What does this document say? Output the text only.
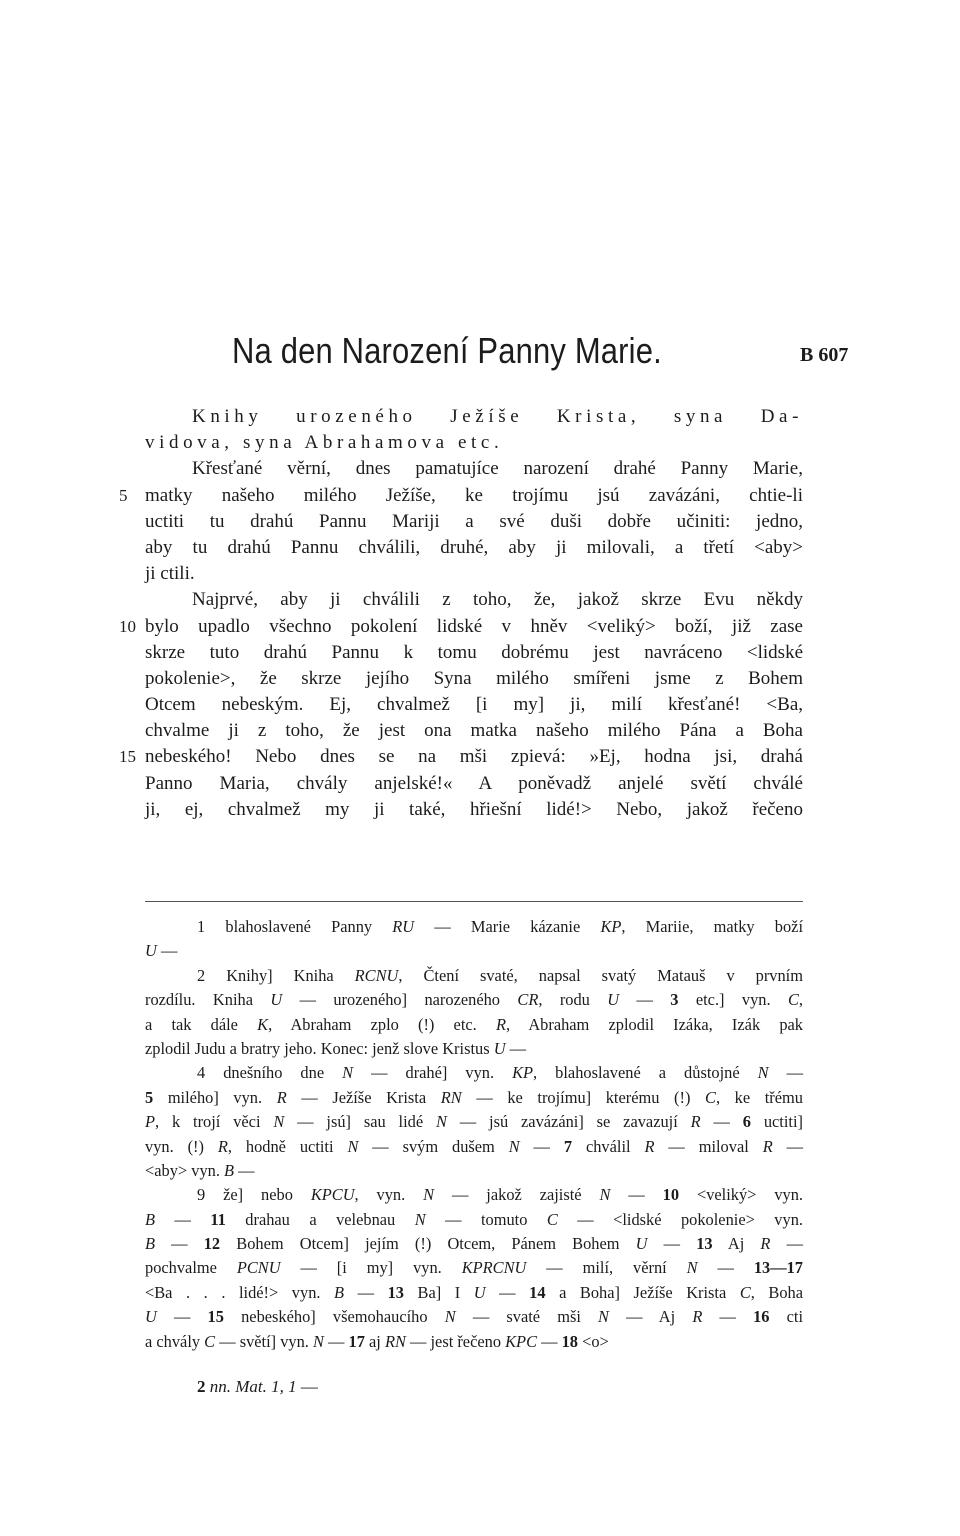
Na den Narození Panny Marie.	B 607
Knihy urozeného Ježíše Krista, syna Da-
vidova, syna Abrahamova etc.
Křesťané věrní, dnes pamatujíce narození drahé Panny Marie,
5 matky našeho milého Ježíše, ke trojímu jsú zavázáni, chtie-li
uctiti tu drahú Pannu Mariji a své duši dobře učiniti: jedno,
aby tu drahú Pannu chválili, druhé, aby ji milovali, a třetí <aby>
ji ctili.
Najprvé, aby ji chválili z toho, že, jakož skrze Evu někdy
10 bylo upadlo všechno pokolení lidské v hněv <veliký> boží, již zase
skrze tuto drahú Pannu k tomu dobrému jest navráceno <lidské
pokolenie>, že skrze jejího Syna milého smířeni jsme z Bohem
Otcem nebeským. Ej, chvalmež [i my] ji, milí křesťané! <Ba,
chvalme ji z toho, že jest ona matka našeho milého Pána a Boha
15 nebeského! Nebo dnes se na mši zpievá: »Ej, hodna jsi, drahá
Panno Maria, chvály anjelské!« A poněvadž anjelé světí chválé
ji, ej, chvalmež my ji také, hřiešní lidé!> Nebo, jakož řečeno
1 blahoslavené Panny RU — Marie kázanie KP, Mariie, matky boží
U —
2 Knihy] Kniha RCNU, Čtení svaté, napsal svatý Matauš v prvním
rozdílu. Kniha U — urozeného] narozeného CR, rodu U — 3 etc.] vyn. C,
a tak dále K, Abraham zplo (!) etc. R, Abraham zplodil Izáka, Izák pak
zplodil Judu a bratry jeho. Konec: jenž slove Kristus U —
4 dnešního dne N — drahé] vyn. KP, blahoslavené a důstojné N —
5 milého] vyn. R — Ježíše Krista RN — ke trojímu] kterému (!) C, ke třému
P, k trojí věci N — jsú] sau lidé N — jsú zavázáni] se zavazují R — 6 uctiti]
vyn. (!) R, hodně uctiti N — svým dušem N — 7 chválil R — miloval R —
<aby> vyn. B —
9 že] nebo KPCU, vyn. N — jakož zajisté N — 10 <veliký> vyn.
B — 11 drahau a velebnau N — tomuto C — <lidské pokolenie> vyn.
B — 12 Bohem Otcem] jejím (!) Otcem, Pánem Bohem U — 13 Aj R —
pochvalme PCNU — [i my] vyn. KPRCNU — milí, věrní N — 13—17
<Ba . . . lidé!> vyn. B — 13 Ba] I U — 14 a Boha] Ježíše Krista C, Boha
U — 15 nebeského] všemohaucího N — svaté mši N — Aj R — 16 cti
a chvály C — světí] vyn. N — 17 aj RN — jest řečeno KPC — 18 <o>
2 nn. Mat. 1, 1 —
